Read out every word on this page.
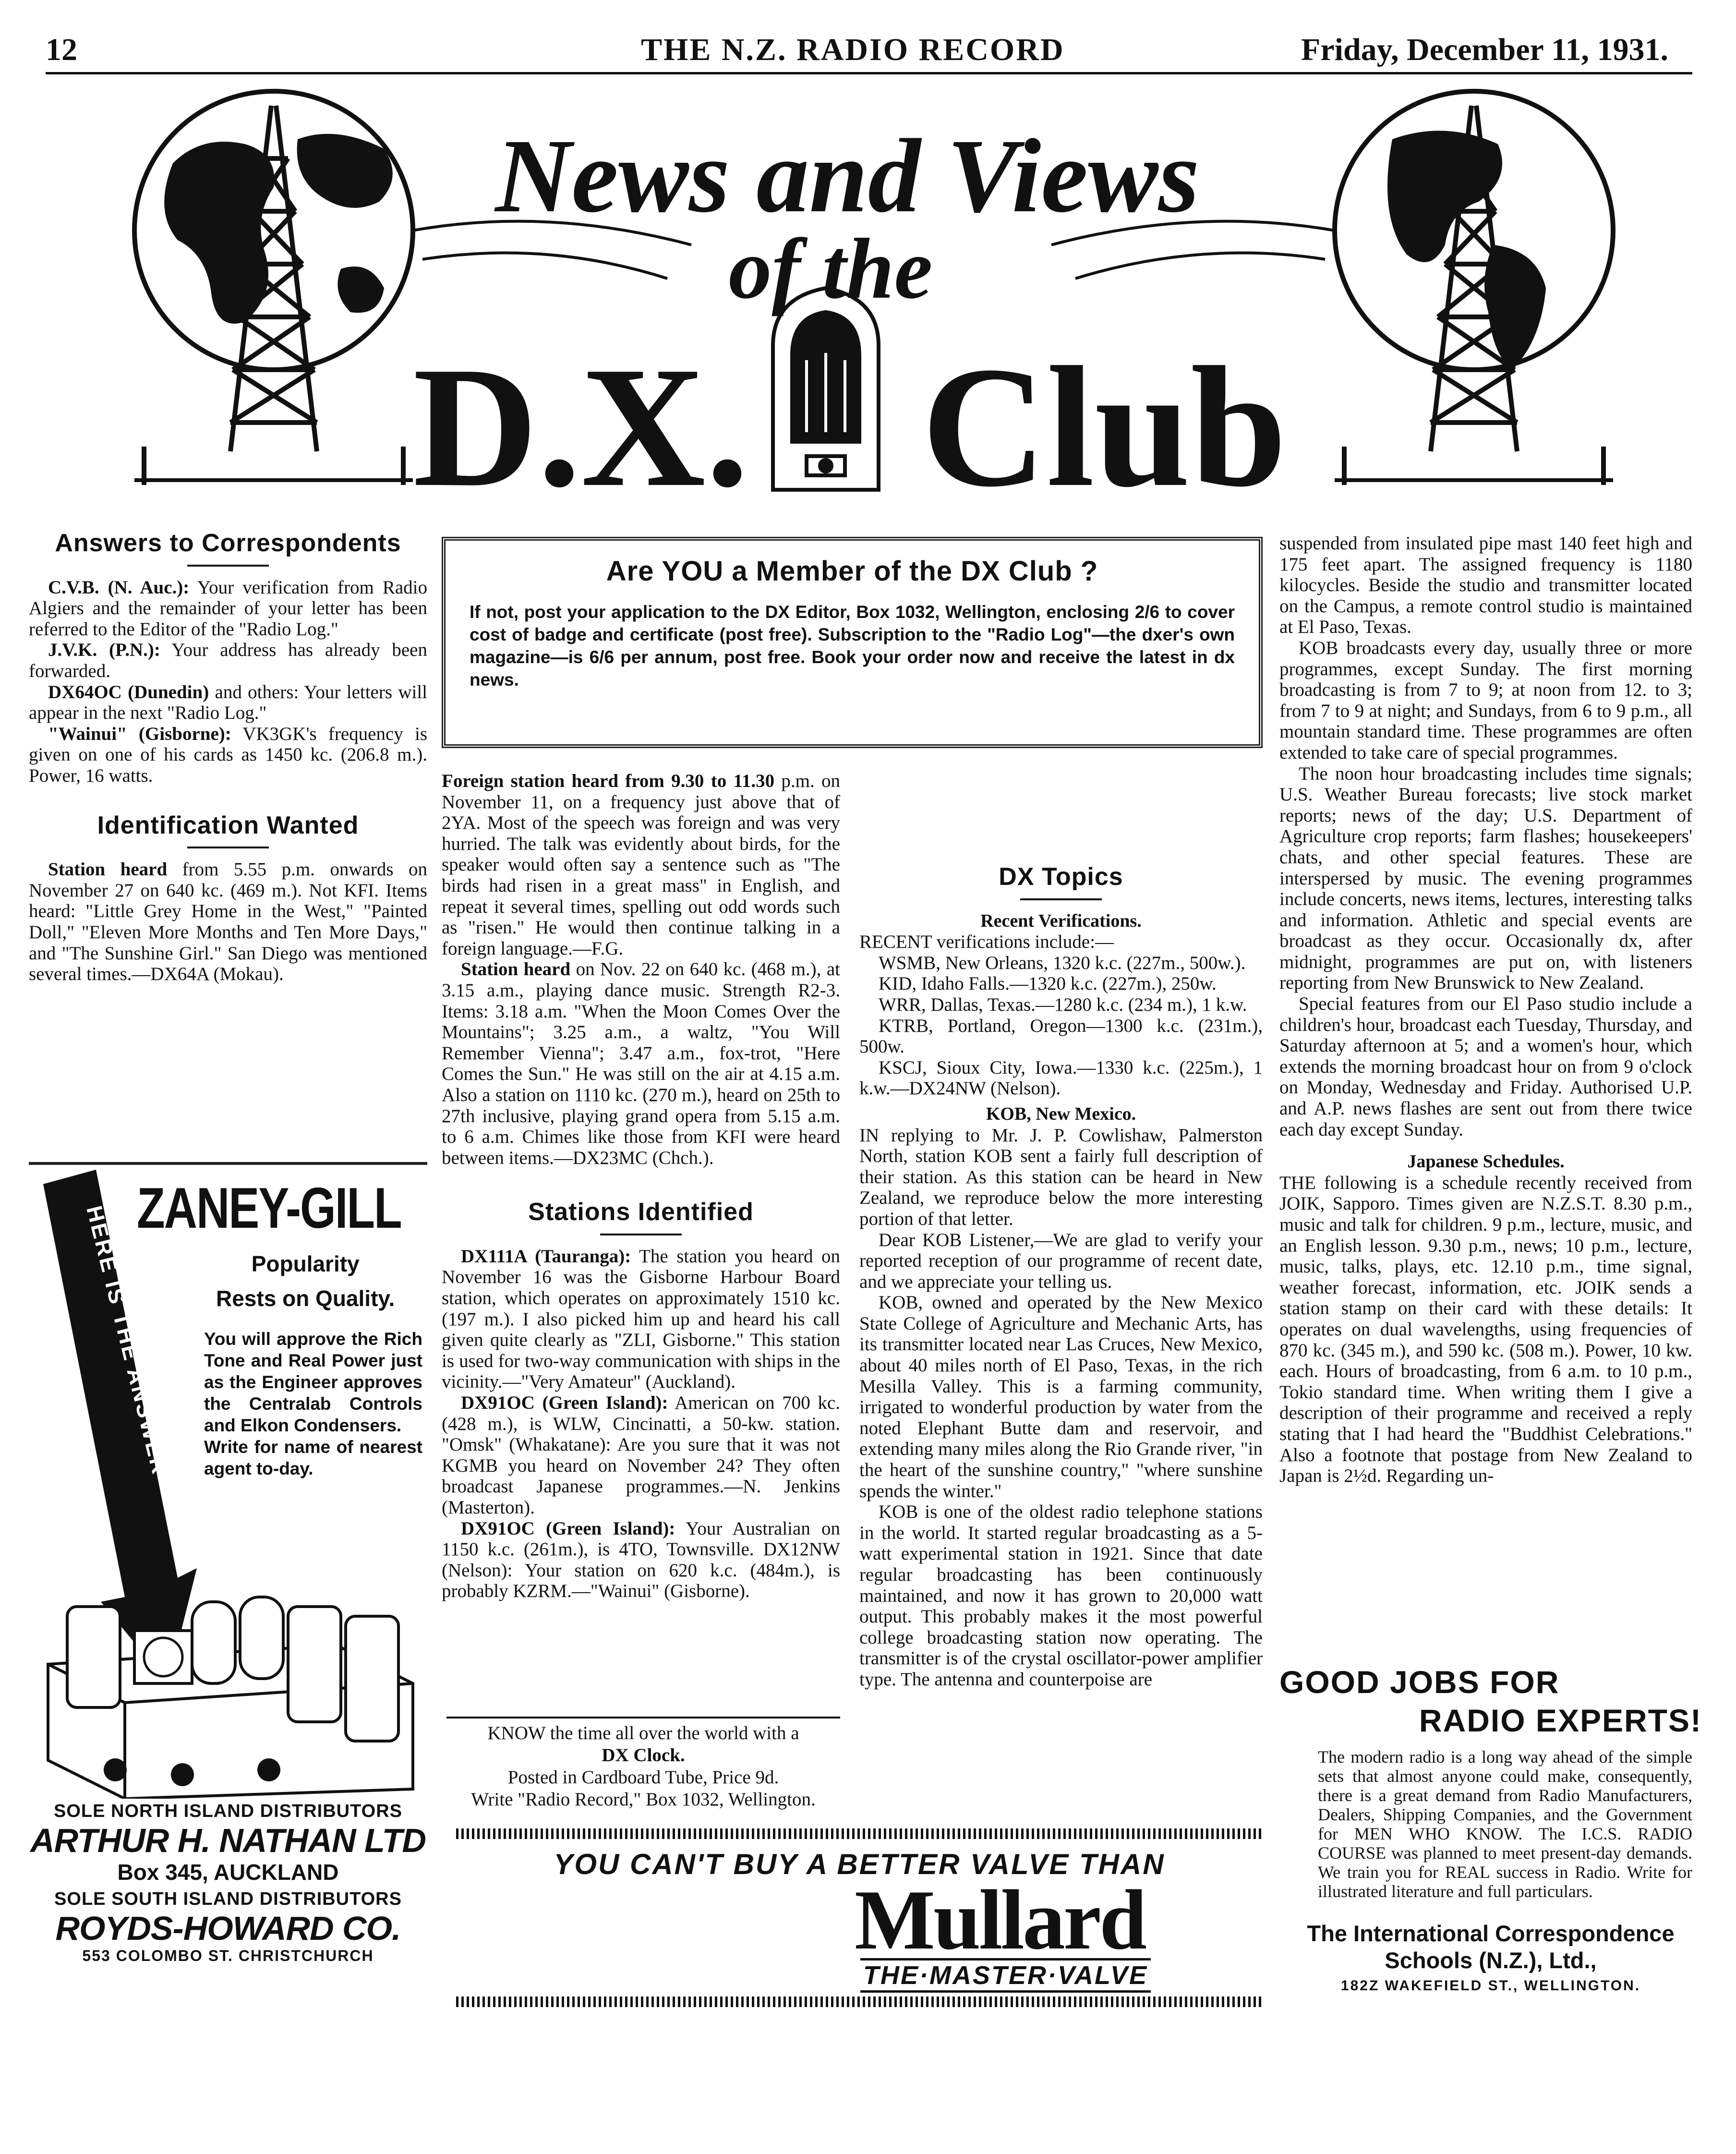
12	THE N.Z. RADIO RECORD	Friday, December 11, 1931.
News and Views
of the
D.X. Club
Answers to Correspondents

C.V.B. (N. Auc.): Your verification from Radio Algiers and the remainder of your letter has been referred to the Editor of the "Radio Log."

J.V.K. (P.N.): Your address has already been forwarded.

DX64OC (Dunedin) and others: Your letters will appear in the next "Radio Log."

"Wainui" (Gisborne): VK3GK's frequency is given on one of his cards as 1450 kc. (206.8 m.). Power, 16 watts.

Identification Wanted

Station heard from 5.55 p.m. onwards on November 27 on 640 kc. (469 m.). Not KFI. Items heard: "Little Grey Home in the West," "Painted Doll," "Eleven More Months and Ten More Days," and "The Sunshine Girl." San Diego was mentioned several times.—DX64A (Mokau).

HERE IS THE ANSWER
ZANEY-GILL
Popularity
Rests on Quality.

You will approve the Rich Tone and Real Power just as the Engineer approves the Centralab Controls and Elkon Condensers.

Write for name of nearest agent to-day.

SOLE NORTH ISLAND DISTRIBUTORS
ARTHUR H. NATHAN LTD
Box 345, AUCKLAND
SOLE SOUTH ISLAND DISTRIBUTORS
ROYDS-HOWARD CO.
553 COLOMBO ST. CHRISTCHURCH
Are YOU a Member of the DX Club ?
If not, post your application to the DX Editor, Box 1032, Wellington, enclosing 2/6 to cover cost of badge and certificate (post free). Subscription to the "Radio Log"—the dxer's own magazine—is 6/6 per annum, post free. Book your order now and receive the latest in dx news.

Foreign station heard from 9.30 to 11.30 p.m. on November 11, on a frequency just above that of 2YA. Most of the speech was foreign and was very hurried. The talk was evidently about birds, for the speaker would often say a sentence such as "The birds had risen in a great mass" in English, and repeat it several times, spelling out odd words such as "risen." He would then continue talking in a foreign language.—F.G.

Station heard on Nov. 22 on 640 kc. (468 m.), at 3.15 a.m., playing dance music. Strength R2-3. Items: 3.18 a.m. "When the Moon Comes Over the Mountains"; 3.25 a.m., a waltz, "You Will Remember Vienna"; 3.47 a.m., fox-trot, "Here Comes the Sun." He was still on the air at 4.15 a.m. Also a station on 1110 kc. (270 m.), heard on 25th to 27th inclusive, playing grand opera from 5.15 a.m. to 6 a.m. Chimes like those from KFI were heard between items.—DX23MC (Chch.).

Stations Identified

DX111A (Tauranga): The station you heard on November 16 was the Gisborne Harbour Board station, which operates on approximately 1510 kc. (197 m.). I also picked him up and heard his call given quite clearly as "ZLI, Gisborne." This station is used for two-way communication with ships in the vicinity.—"Very Amateur" (Auckland).

DX91OC (Green Island): American on 700 kc. (428 m.), is WLW, Cincinatti, a 50-kw. station. "Omsk" (Whakatane): Are you sure that it was not KGMB you heard on November 24? They often broadcast Japanese programmes.—N. Jenkins (Masterton).

DX91OC (Green Island): Your Australian on 1150 k.c. (261m.), is 4TO, Townsville. DX12NW (Nelson): Your station on 620 k.c. (484m.), is probably KZRM.—"Wainui" (Gisborne).

KNOW the time all over the world with a
DX Clock.
Posted in Cardboard Tube, Price 9d.
Write "Radio Record," Box 1032, Wellington.
DX Topics
Recent Verifications.

RECENT verifications include:—

WSMB, New Orleans, 1320 k.c. (227m., 500w.).

KID, Idaho Falls.—1320 k.c. (227m.), 250w.

WRR, Dallas, Texas.—1280 k.c. (234 m.), 1 k.w.

KTRB, Portland, Oregon—1300 k.c. (231m.), 500w.

KSCJ, Sioux City, Iowa.—1330 k.c. (225m.), 1 k.w.—DX24NW (Nelson).

KOB, New Mexico.

IN replying to Mr. J. P. Cowlishaw, Palmerston North, station KOB sent a fairly full description of their station. As this station can be heard in New Zealand, we reproduce below the more interesting portion of that letter.

Dear KOB Listener,—We are glad to verify your reported reception of our programme of recent date, and we appreciate your telling us.

KOB, owned and operated by the New Mexico State College of Agriculture and Mechanic Arts, has its transmitter located near Las Cruces, New Mexico, about 40 miles north of El Paso, Texas, in the rich Mesilla Valley. This is a farming community, irrigated to wonderful production by water from the noted Elephant Butte dam and reservoir, and extending many miles along the Rio Grande river, "in the heart of the sunshine country," "where sunshine spends the winter."

KOB is one of the oldest radio telephone stations in the world. It started regular broadcasting as a 5-watt experimental station in 1921. Since that date regular broadcasting has been continuously maintained, and now it has grown to 20,000 watt output. This probably makes it the most powerful college broadcasting station now operating. The transmitter is of the crystal oscillator-power amplifier type. The antenna and counterpoise are

suspended from insulated pipe mast 140 feet high and 175 feet apart. The assigned frequency is 1180 kilocycles. Beside the studio and transmitter located on the Campus, a remote control studio is maintained at El Paso, Texas.

KOB broadcasts every day, usually three or more programmes, except Sunday. The first morning broadcasting is from 7 to 9; at noon from 12. to 3; from 7 to 9 at night; and Sundays, from 6 to 9 p.m., all mountain standard time. These programmes are often extended to take care of special programmes.

The noon hour broadcasting includes time signals; U.S. Weather Bureau forecasts; live stock market reports; news of the day; U.S. Department of Agriculture crop reports; farm flashes; housekeepers' chats, and other special features. These are interspersed by music. The evening programmes include concerts, news items, lectures, interesting talks and information. Athletic and special events are broadcast as they occur. Occasionally dx, after midnight, programmes are put on, with listeners reporting from New Brunswick to New Zealand.

Special features from our El Paso studio include a children's hour, broadcast each Tuesday, Thursday, and Saturday afternoon at 5; and a women's hour, which extends the morning broadcast hour on from 9 o'clock on Monday, Wednesday and Friday. Authorised U.P. and A.P. news flashes are sent out from there twice each day except Sunday.

Japanese Schedules.

THE following is a schedule recently received from JOIK, Sapporo. Times given are N.Z.S.T. 8.30 p.m., music and talk for children. 9 p.m., lecture, music, and an English lesson. 9.30 p.m., news; 10 p.m., lecture, music, talks, plays, etc. 12.10 p.m., time signal, weather forecast, information, etc. JOIK sends a station stamp on their card with these details: It operates on dual wavelengths, using frequencies of 870 kc. (345 m.), and 590 kc. (508 m.). Power, 10 kw. each. Hours of broadcasting, from 6 a.m. to 10 p.m., Tokio standard time. When writing them I give a description of their programme and received a reply stating that I had heard the "Buddhist Celebrations." Also a footnote that postage from New Zealand to Japan is 2½d. Regarding un-

YOU CAN'T BUY A BETTER VALVE THAN
Mullard
THE·MASTER·VALVE
GOOD JOBS FOR
RADIO EXPERTS!
The modern radio is a long way ahead of the simple sets that almost anyone could make, consequently, there is a great demand from Radio Manufacturers, Dealers, Shipping Companies, and the Government for MEN WHO KNOW. The I.C.S. RADIO COURSE was planned to meet present-day demands. We train you for REAL success in Radio. Write for illustrated literature and full particulars.
The International Correspondence
Schools (N.Z.), Ltd.,
182Z WAKEFIELD ST., WELLINGTON.
